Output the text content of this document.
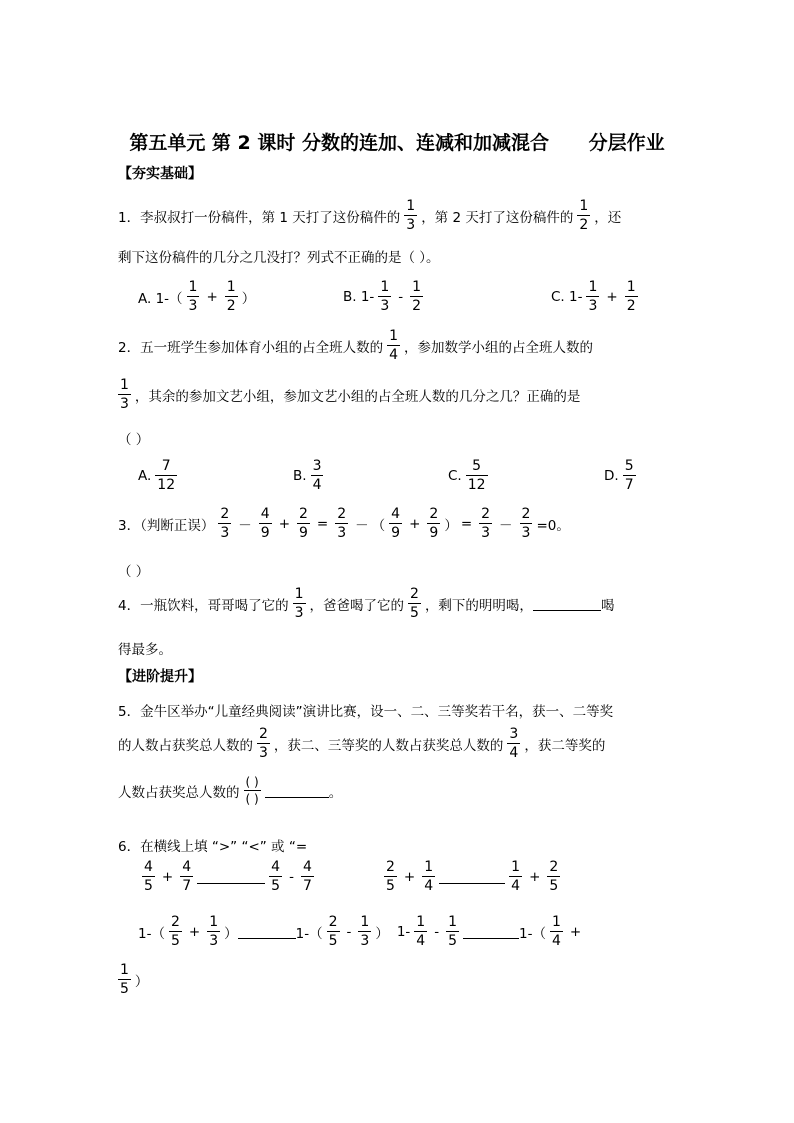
第五单元 第 2 课时 分数的连加、连减和加减混合      分层作业
【夯实基础】
1．李叔叔打一份稿件，第 1 天打了这份稿件的
1
3 ，第 2 天打了这份稿件的
1
2 ，还
剩下这份稿件的几分之几没打？列式不正确的是（ ）。
A. 1-（
1
3
+ $\frac{1}{2}$ ）	B. 1-
1
3
-
1
2
C. 1-
1
3
+ $\frac{1}{2}$
2．五一班学生参加体育小组的占全班人数的
1
4 ，参加数学小组的占全班人数的
1
3 ，其余的参加文艺小组，参加文艺小组的占全班人数的几分之几？正确的是
（ ）
A.
7
12
B.
3
4
C.
5
12
D.
5
7
3．（判断正误）
2
3 －
4
9
+ $\frac{2}{9} = \frac{2}{3}$ － （
4
9
+ $\frac{2}{9}$ ） = $\frac{2}{3} - \frac{2}{3} =0$。
（ ）
4．一瓶饮料，哥哥喝了它的
1
3 ，爸爸喝了它的
2
5 ，剩下的明明喝，	喝
得最多。
【进阶提升】
5．金牛区举办“儿童经典阅读”演讲比赛，设一、二、三等奖若干名，获一、二等奖
的人数占获奖总人数的
2
3 ，获二、三等奖的人数占获奖总人数的
3
4 ，获二等奖的
人数占获奖总人数的
( )
( )	。
6．在横线上填 “>” “<” 或 “=
4
5
+ $\frac{4}{7}$	4
5
-
4
7
2
5
+ $\frac{1}{4}$	1
4
+ $\frac{2}{5}$
1-（
2
5
+ $\frac{1}{3}$ ）	1-（
2
5
-
1
3 ） 1-
1
4
-
1
5	1-（
1
4
+
1
5 ）
